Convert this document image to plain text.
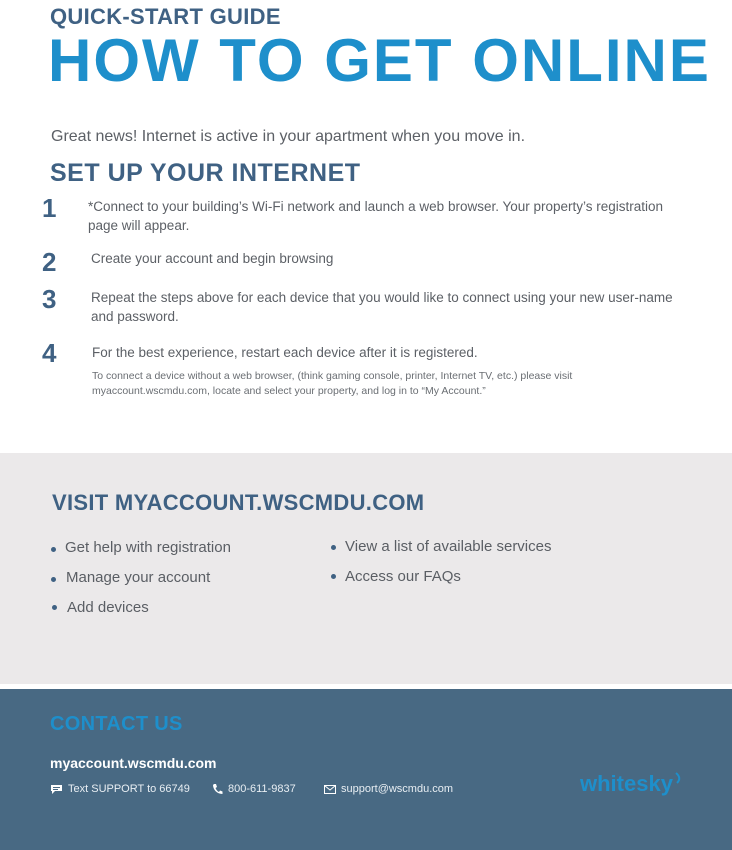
QUICK-START GUIDE
HOW TO GET ONLINE
Great news! Internet is active in your apartment when you move in.
SET UP YOUR INTERNET
1 *Connect to your building’s Wi-Fi network and launch a web browser. Your property’s registration page will appear.
2	Create your account and begin browsing
3	Repeat the steps above for each device that you would like to connect using your new user-name and password.
4	For the best experience, restart each device after it is registered.
To connect a device without a web browser, (think gaming console, printer, Internet TV, etc.) please visit myaccount.wscmdu.com, locate and select your property, and log in to “My Account.”
VISIT MYACCOUNT.WSCMDU.COM
Get help with registration
Manage your account
Add devices
View a list of available services
Access our FAQs
CONTACT US
myaccount.wscmdu.com
Text SUPPORT to 66749	800-611-9837	support@wscmdu.com	whitesky
